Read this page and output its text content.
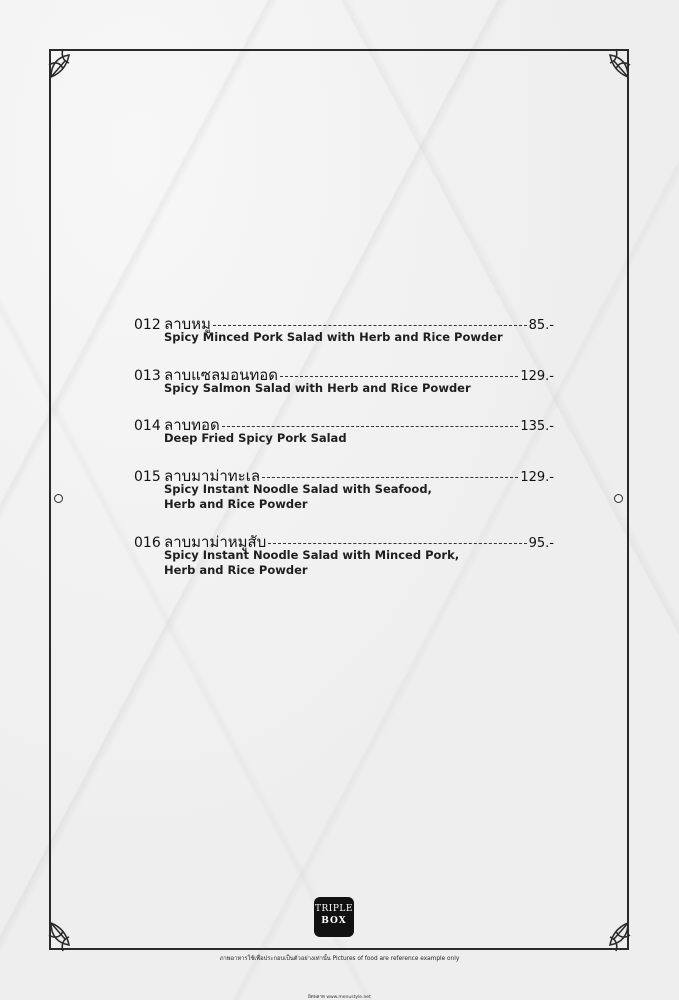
012 ลาบหมู	85.-
Spicy Minced Pork Salad with Herb and Rice Powder
013 ลาบแซลมอนทอด	129.-
Spicy Salmon Salad with Herb and Rice Powder
014 ลาบทอด	135.-
Deep Fried Spicy Pork Salad
015 ลาบมาม่าทะเล	129.-
Spicy Instant Noodle Salad with Seafood,
Herb and Rice Powder
016 ลาบมาม่าหมูสับ	95.-
Spicy Instant Noodle Salad with Minced Pork,
Herb and Rice Powder
TRIPLE
BOX
ภาพอาหารใช้เพื่อประกอบเป็นตัวอย่างเท่านั้น Pictures of food are reference example only
ผิดพลาด www.menustyle.net
